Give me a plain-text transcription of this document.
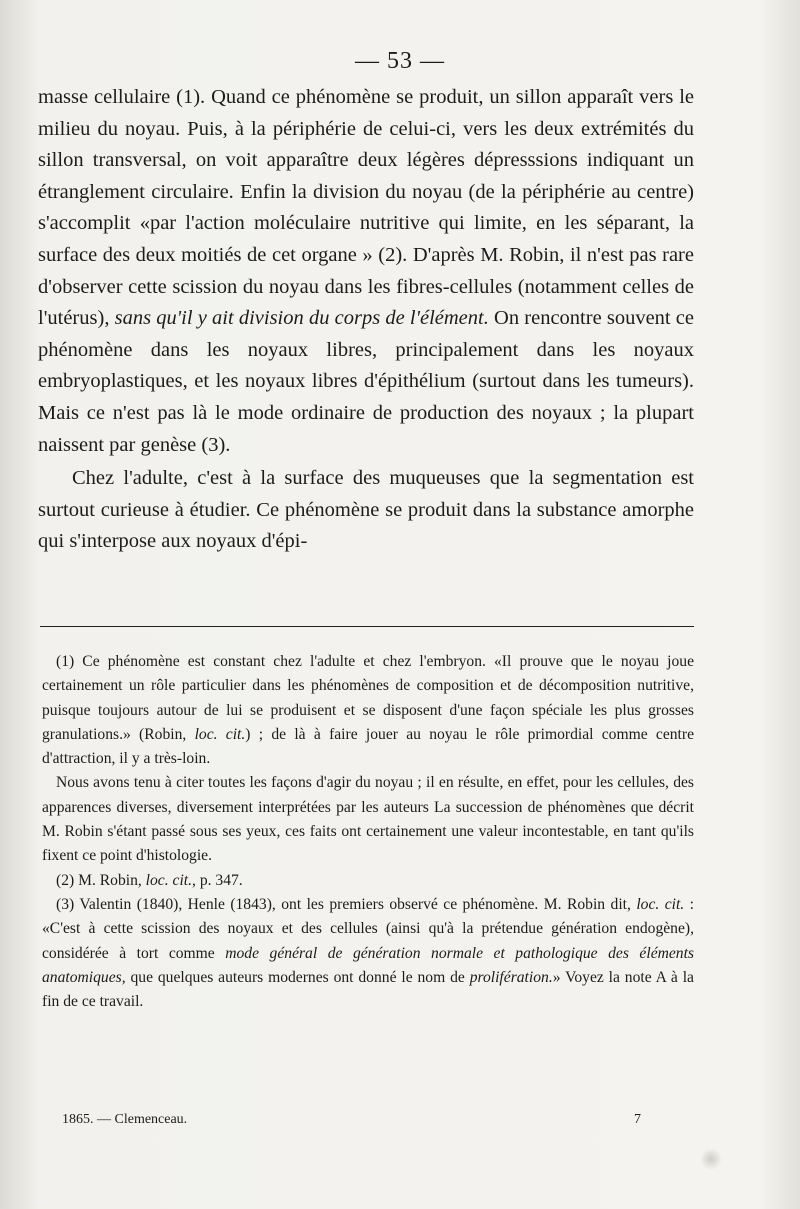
— 53 —

masse cellulaire (1). Quand ce phénomène se produit, un sillon apparaît vers le milieu du noyau. Puis, à la périphérie de celui-ci, vers les deux extrémités du sillon transversal, on voit apparaître deux légères dépresssions indiquant un étranglement circulaire. Enfin la division du noyau (de la périphérie au centre) s'accomplit «par l'action moléculaire nutritive qui limite, en les séparant, la surface des deux moitiés de cet organe » (2). D'après M. Robin, il n'est pas rare d'observer cette scission du noyau dans les fibres-cellules (notamment celles de l'utérus), sans qu'il y ait division du corps de l'élément. On rencontre souvent ce phénomène dans les noyaux libres, principalement dans les noyaux embryoplastiques, et les noyaux libres d'épithélium (surtout dans les tumeurs). Mais ce n'est pas là le mode ordinaire de production des noyaux ; la plupart naissent par genèse (3).

Chez l'adulte, c'est à la surface des muqueuses que la segmentation est surtout curieuse à étudier. Ce phénomène se produit dans la substance amorphe qui s'interpose aux noyaux d'épi-

(1) Ce phénomène est constant chez l'adulte et chez l'embryon. «Il prouve que le noyau joue certainement un rôle particulier dans les phénomènes de composition et de décomposition nutritive, puisque toujours autour de lui se produisent et se disposent d'une façon spéciale les plus grosses granulations.» (Robin, loc. cit.) ; de là à faire jouer au noyau le rôle primordial comme centre d'attraction, il y a très-loin.

Nous avons tenu à citer toutes les façons d'agir du noyau ; il en résulte, en effet, pour les cellules, des apparences diverses, diversement interprétées par les auteurs La succession de phénomènes que décrit M. Robin s'étant passé sous ses yeux, ces faits ont certainement une valeur incontestable, en tant qu'ils fixent ce point d'histologie.

(2) M. Robin, loc. cit., p. 347.

(3) Valentin (1840), Henle (1843), ont les premiers observé ce phénomène. M. Robin dit, loc. cit. : «C'est à cette scission des noyaux et des cellules (ainsi qu'à la prétendue génération endogène), considérée à tort comme mode général de génération normale et pathologique des éléments anatomiques, que quelques auteurs modernes ont donné le nom de prolifération.» Voyez la note A à la fin de ce travail.

1865. — Clemenceau.	7
